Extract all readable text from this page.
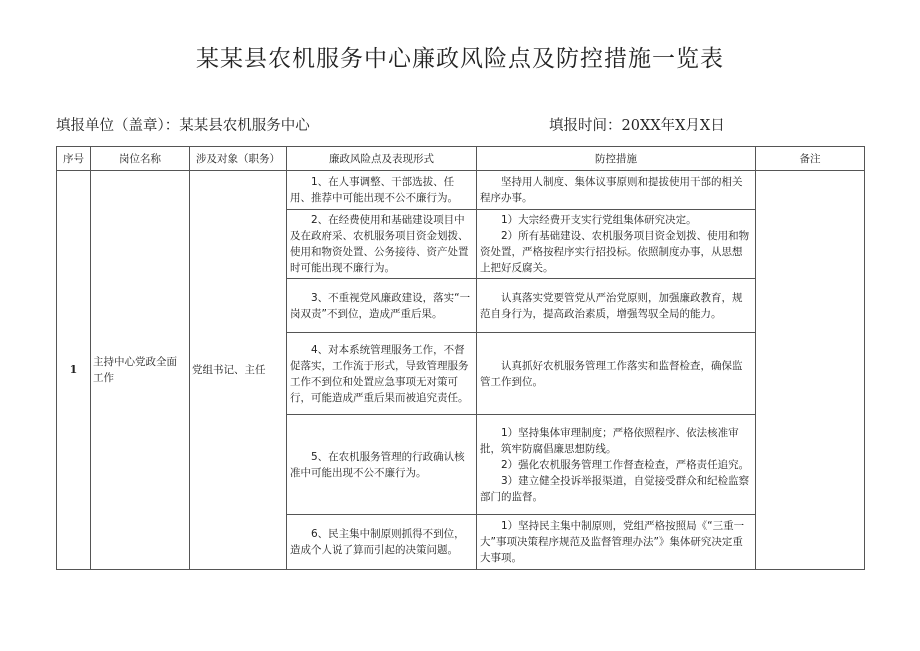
某某县农机服务中心廉政风险点及防控措施一览表
填报单位（盖章）：某某县农机服务中心	填报时间：20XX年X月X日
序号	岗位名称	涉及对象（职务）	廉政风险点及表现形式	防控措施	备注
1	主持中心党政全面工作	党组书记、主任	1、在人事调整、干部选拔、任用、推荐中可能出现不公不廉行为。	坚持用人制度、集体议事原则和提拔使用干部的相关程序办事。	

			2、在经费使用和基础建设项目中及在政府采、农机服务项目资金划拨、使用和物资处置、公务接待、资产处置时可能出现不廉行为。	1）大宗经费开支实行党组集体研究决定。

2）所有基础建设、农机服务项目资金划拨、使用和物资处置，严格按程序实行招投标。依照制度办事，从思想上把好反腐关。	

			3、不重视党风廉政建设，落实“一岗双责”不到位，造成严重后果。	认真落实党要管党从严治党原则，加强廉政教育，规范自身行为，提高政治素质，增强驾驭全局的能力。	

			4、对本系统管理服务工作，不督促落实，工作流于形式，导致管理服务工作不到位和处置应急事项无对策可行，可能造成严重后果而被追究责任。	认真抓好农机服务管理工作落实和监督检查，确保监管工作到位。	

			5、在农机服务管理的行政确认核准中可能出现不公不廉行为。	1）坚持集体审理制度；严格依照程序、依法核准审批，筑牢防腐倡廉思想防线。

2）强化农机服务管理工作督查检查，严格责任追究。

3）建立健全投诉举报渠道，自觉接受群众和纪检监察部门的监督。	

			6、民主集中制原则抓得不到位，造成个人说了算而引起的决策问题。	1）坚持民主集中制原则，党组严格按照局《“三重一大”事项决策程序规范及监督管理办法”》集体研究决定重大事项。	
